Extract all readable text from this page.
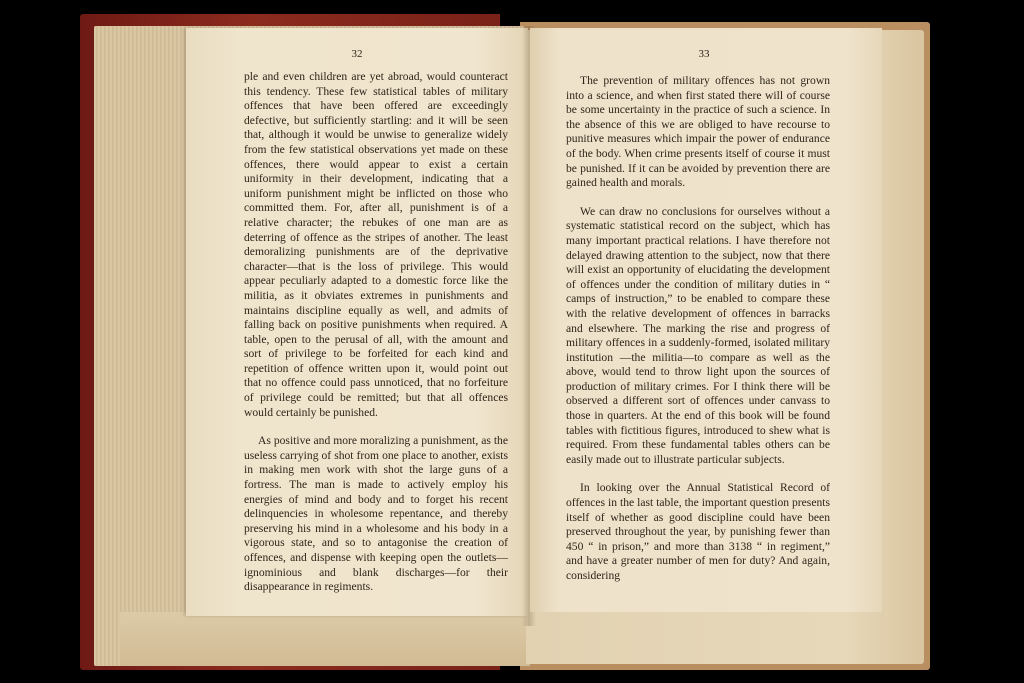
32

ple and even children are yet abroad, would counteract this tendency. These few statistical tables of military offences that have been offered are exceedingly defective, but sufficiently startling: and it will be seen that, although it would be unwise to generalize widely from the few statistical observations yet made on these offences, there would appear to exist a certain uniformity in their development, indicating that a uniform punishment might be inflicted on those who committed them. For, after all, punishment is of a relative character; the rebukes of one man are as deterring of offence as the stripes of another. The least demoralizing punishments are of the deprivative character—that is the loss of privilege. This would appear peculiarly adapted to a domestic force like the militia, as it obviates extremes in punishments and maintains discipline equally as well, and admits of falling back on positive punishments when required. A table, open to the perusal of all, with the amount and sort of privilege to be forfeited for each kind and repetition of offence written upon it, would point out that no offence could pass unnoticed, that no forfeiture of privilege could be remitted; but that all offences would certainly be punished.

As positive and more moralizing a punishment, as the useless carrying of shot from one place to another, exists in making men work with shot the large guns of a fortress. The man is made to actively employ his energies of mind and body and to forget his recent delinquencies in wholesome repentance, and thereby preserving his mind in a wholesome and his body in a vigorous state, and so to antagonise the creation of offences, and dispense with keeping open the outlets—ignominious and blank discharges—for their disappearance in regiments.

33

The prevention of military offences has not grown into a science, and when first stated there will of course be some uncertainty in the practice of such a science. In the absence of this we are obliged to have recourse to punitive measures which impair the power of endurance of the body. When crime presents itself of course it must be punished. If it can be avoided by prevention there are gained health and morals.

We can draw no conclusions for ourselves without a systematic statistical record on the subject, which has many important practical relations. I have therefore not delayed drawing attention to the subject, now that there will exist an opportunity of elucidating the development of offences under the condition of military duties in “ camps of instruction,” to be enabled to compare these with the relative development of offences in barracks and elsewhere. The marking the rise and progress of military offences in a suddenly-formed, isolated military institution —the militia—to compare as well as the above, would tend to throw light upon the sources of production of military crimes. For I think there will be observed a different sort of offences under canvass to those in quarters. At the end of this book will be found tables with fictitious figures, introduced to shew what is required. From these fundamental tables others can be easily made out to illustrate particular subjects.

In looking over the Annual Statistical Record of offences in the last table, the important question presents itself of whether as good discipline could have been preserved throughout the year, by punishing fewer than 450 “ in prison,” and more than 3138 “ in regiment,” and have a greater number of men for duty? And again, considering
